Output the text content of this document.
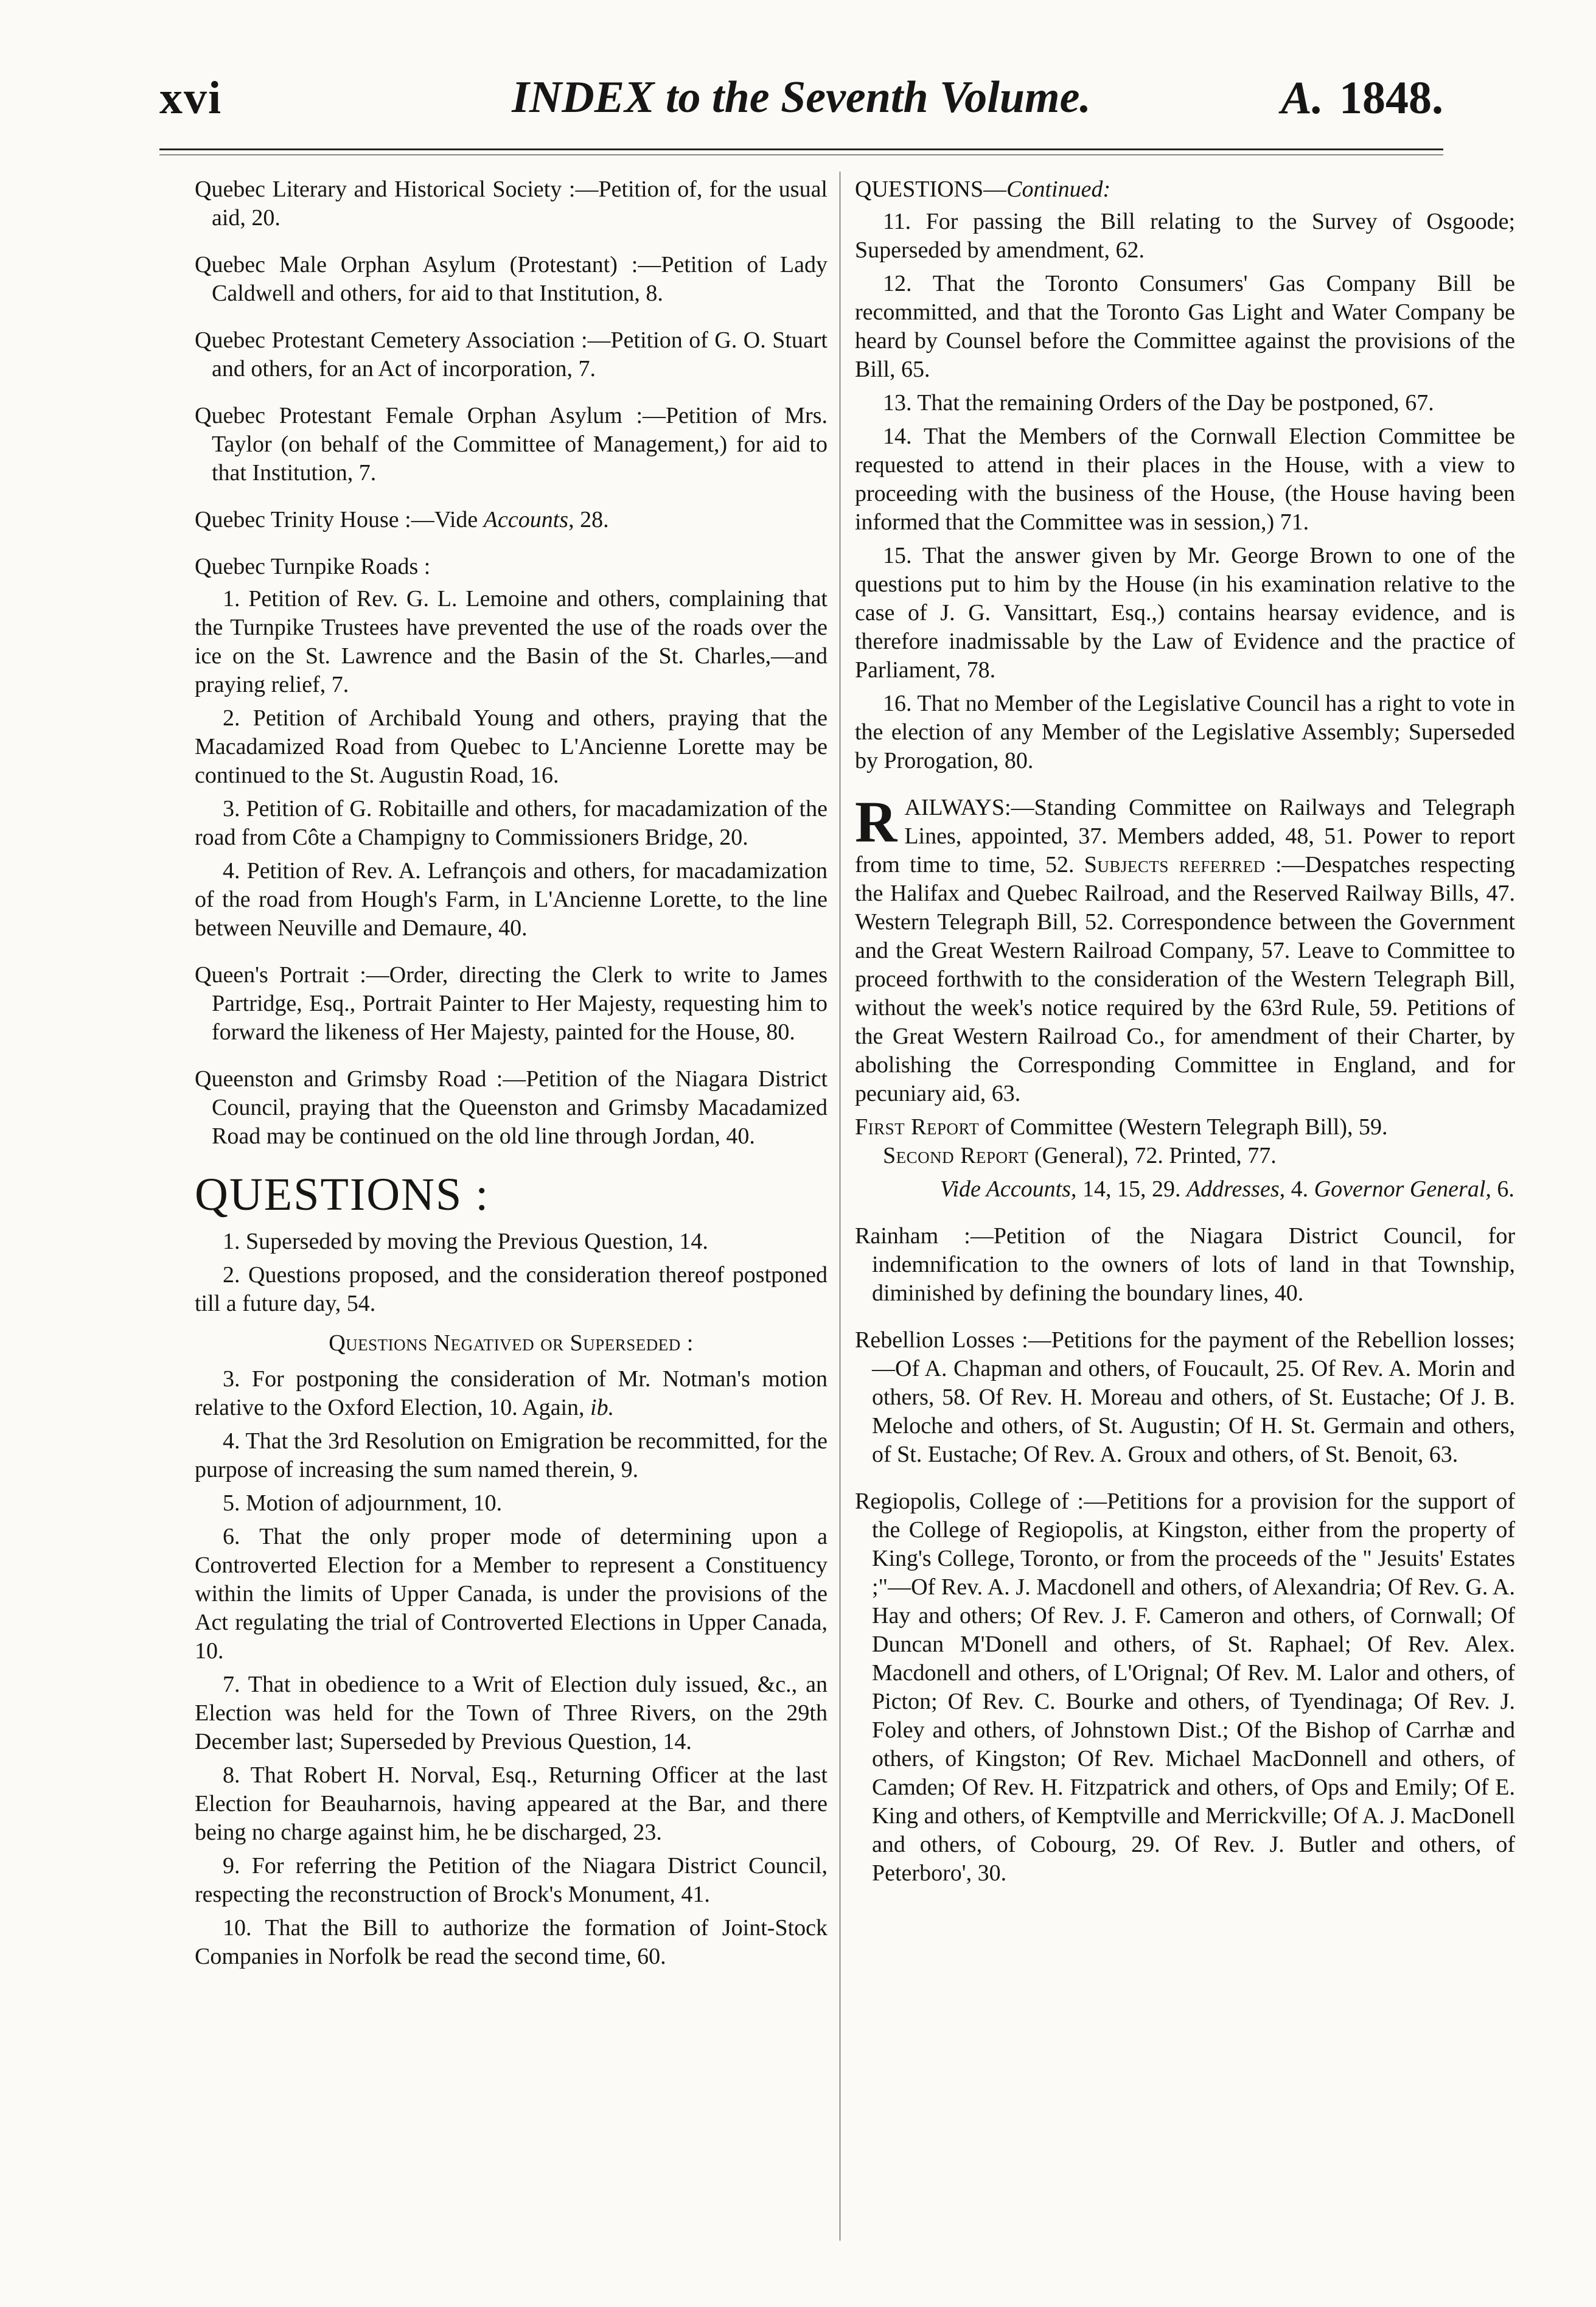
xvi	INDEX to the Seventh Volume.	A. 1848.

Quebec Literary and Historical Society :—Petition of, for the usual aid, 20.

Quebec Male Orphan Asylum (Protestant) :—Petition of Lady Caldwell and others, for aid to that Institution, 8.

Quebec Protestant Cemetery Association :—Petition of G. O. Stuart and others, for an Act of incorporation, 7.

Quebec Protestant Female Orphan Asylum :—Petition of Mrs. Taylor (on behalf of the Committee of Management,) for aid to that Institution, 7.

Quebec Trinity House :—Vide Accounts, 28.

Quebec Turnpike Roads :

1. Petition of Rev. G. L. Lemoine and others, complaining that the Turnpike Trustees have prevented the use of the roads over the ice on the St. Lawrence and the Basin of the St. Charles,—and praying relief, 7.

2. Petition of Archibald Young and others, praying that the Macadamized Road from Quebec to L'Ancienne Lorette may be continued to the St. Augustin Road, 16.

3. Petition of G. Robitaille and others, for macadamization of the road from Côte a Champigny to Commissioners Bridge, 20.

4. Petition of Rev. A. Lefrançois and others, for macadamization of the road from Hough's Farm, in L'Ancienne Lorette, to the line between Neuville and Demaure, 40.

Queen's Portrait :—Order, directing the Clerk to write to James Partridge, Esq., Portrait Painter to Her Majesty, requesting him to forward the likeness of Her Majesty, painted for the House, 80.

Queenston and Grimsby Road :—Petition of the Niagara District Council, praying that the Queenston and Grimsby Macadamized Road may be continued on the old line through Jordan, 40.

QUESTIONS :

1. Superseded by moving the Previous Question, 14.

2. Questions proposed, and the consideration thereof postponed till a future day, 54.

Questions Negatived or Superseded :

3. For postponing the consideration of Mr. Notman's motion relative to the Oxford Election, 10. Again, ib.

4. That the 3rd Resolution on Emigration be recommitted, for the purpose of increasing the sum named therein, 9.

5. Motion of adjournment, 10.

6. That the only proper mode of determining upon a Controverted Election for a Member to represent a Constituency within the limits of Upper Canada, is under the provisions of the Act regulating the trial of Controverted Elections in Upper Canada, 10.

7. That in obedience to a Writ of Election duly issued, &c., an Election was held for the Town of Three Rivers, on the 29th December last; Superseded by Previous Question, 14.

8. That Robert H. Norval, Esq., Returning Officer at the last Election for Beauharnois, having appeared at the Bar, and there being no charge against him, he be discharged, 23.

9. For referring the Petition of the Niagara District Council, respecting the reconstruction of Brock's Monument, 41.

10. That the Bill to authorize the formation of Joint-Stock Companies in Norfolk be read the second time, 60.

QUESTIONS—Continued:

11. For passing the Bill relating to the Survey of Osgoode; Superseded by amendment, 62.

12. That the Toronto Consumers' Gas Company Bill be recommitted, and that the Toronto Gas Light and Water Company be heard by Counsel before the Committee against the provisions of the Bill, 65.

13. That the remaining Orders of the Day be postponed, 67.

14. That the Members of the Cornwall Election Committee be requested to attend in their places in the House, with a view to proceeding with the business of the House, (the House having been informed that the Committee was in session,) 71.

15. That the answer given by Mr. George Brown to one of the questions put to him by the House (in his examination relative to the case of J. G. Vansittart, Esq.,) contains hearsay evidence, and is therefore inadmissable by the Law of Evidence and the practice of Parliament, 78.

16. That no Member of the Legislative Council has a right to vote in the election of any Member of the Legislative Assembly; Superseded by Prorogation, 80.

RAILWAYS:—Standing Committee on Railways and Telegraph Lines, appointed, 37. Members added, 48, 51. Power to report from time to time, 52. Subjects referred :—Despatches respecting the Halifax and Quebec Railroad, and the Reserved Railway Bills, 47. Western Telegraph Bill, 52. Correspondence between the Government and the Great Western Railroad Company, 57. Leave to Committee to proceed forthwith to the consideration of the Western Telegraph Bill, without the week's notice required by the 63rd Rule, 59. Petitions of the Great Western Railroad Co., for amendment of their Charter, by abolishing the Corresponding Committee in England, and for pecuniary aid, 63.

First Report of Committee (Western Telegraph Bill), 59.

Second Report (General), 72. Printed, 77.

Vide Accounts, 14, 15, 29. Addresses, 4. Governor General, 6.

Rainham :—Petition of the Niagara District Council, for indemnification to the owners of lots of land in that Township, diminished by defining the boundary lines, 40.

Rebellion Losses :—Petitions for the payment of the Rebellion losses;—Of A. Chapman and others, of Foucault, 25. Of Rev. A. Morin and others, 58. Of Rev. H. Moreau and others, of St. Eustache; Of J. B. Meloche and others, of St. Augustin; Of H. St. Germain and others, of St. Eustache; Of Rev. A. Groux and others, of St. Benoit, 63.

Regiopolis, College of :—Petitions for a provision for the support of the College of Regiopolis, at Kingston, either from the property of King's College, Toronto, or from the proceeds of the " Jesuits' Estates ;"—Of Rev. A. J. Macdonell and others, of Alexandria; Of Rev. G. A. Hay and others; Of Rev. J. F. Cameron and others, of Cornwall; Of Duncan M'Donell and others, of St. Raphael; Of Rev. Alex. Macdonell and others, of L'Orignal; Of Rev. M. Lalor and others, of Picton; Of Rev. C. Bourke and others, of Tyendinaga; Of Rev. J. Foley and others, of Johnstown Dist.; Of the Bishop of Carrhæ and others, of Kingston; Of Rev. Michael MacDonnell and others, of Camden; Of Rev. H. Fitzpatrick and others, of Ops and Emily; Of E. King and others, of Kemptville and Merrickville; Of A. J. MacDonell and others, of Cobourg, 29. Of Rev. J. Butler and others, of Peterboro', 30.
